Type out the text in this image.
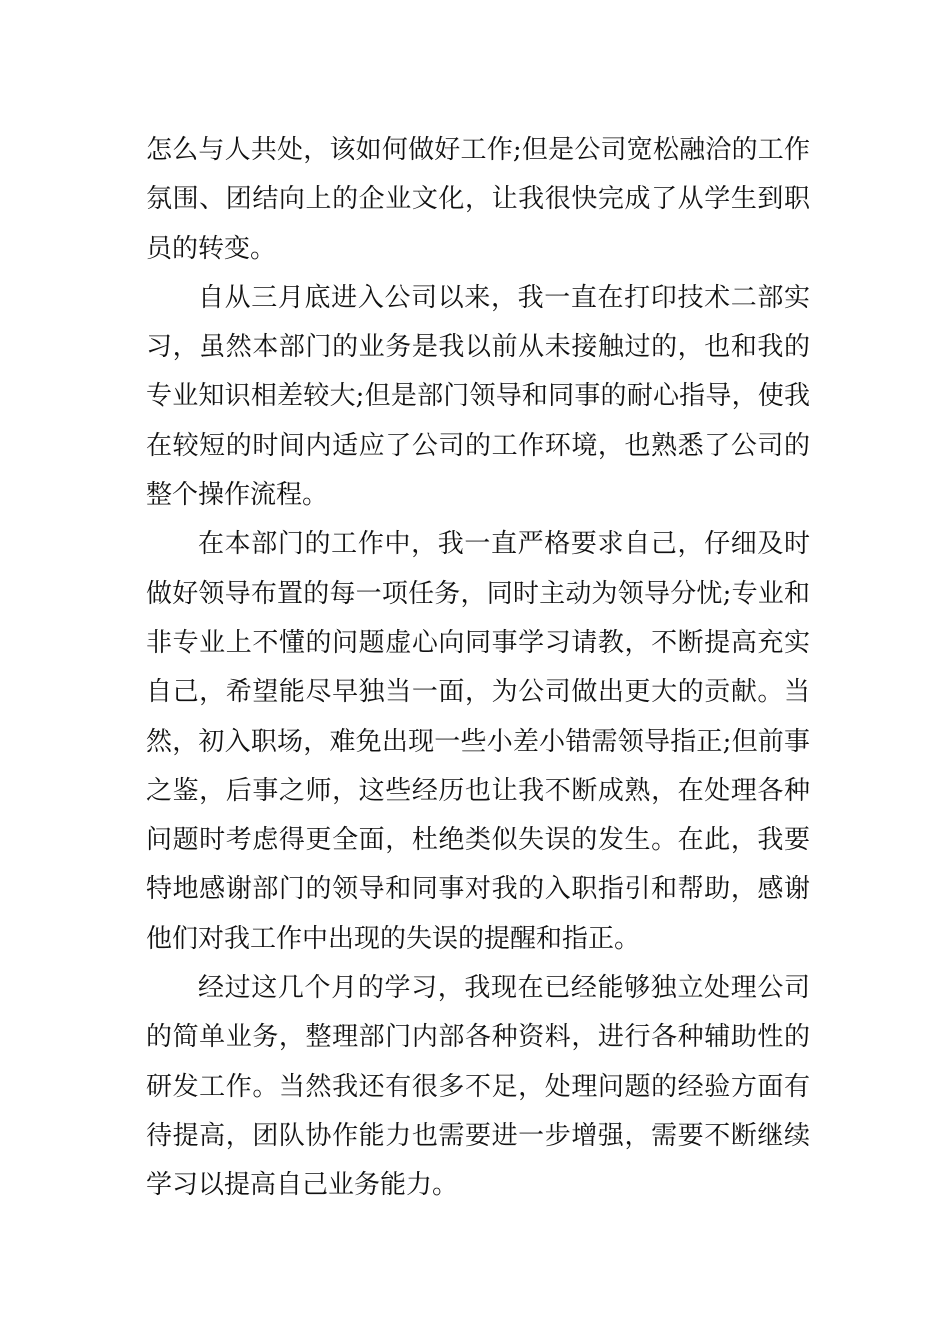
怎么与人共处，该如何做好工作;但是公司宽松融洽的工作氛围、团结向上的企业文化，让我很快完成了从学生到职员的转变。

自从三月底进入公司以来，我一直在打印技术二部实习，虽然本部门的业务是我以前从未接触过的，也和我的专业知识相差较大;但是部门领导和同事的耐心指导，使我在较短的时间内适应了公司的工作环境，也熟悉了公司的整个操作流程。

在本部门的工作中，我一直严格要求自己，仔细及时做好领导布置的每一项任务，同时主动为领导分忧;专业和非专业上不懂的问题虚心向同事学习请教，不断提高充实自己，希望能尽早独当一面，为公司做出更大的贡献。当然，初入职场，难免出现一些小差小错需领导指正;但前事之鉴，后事之师，这些经历也让我不断成熟，在处理各种问题时考虑得更全面，杜绝类似失误的发生。在此，我要特地感谢部门的领导和同事对我的入职指引和帮助，感谢他们对我工作中出现的失误的提醒和指正。

经过这几个月的学习，我现在已经能够独立处理公司的简单业务，整理部门内部各种资料，进行各种辅助性的研发工作。当然我还有很多不足，处理问题的经验方面有待提高，团队协作能力也需要进一步增强，需要不断继续学习以提高自己业务能力。
